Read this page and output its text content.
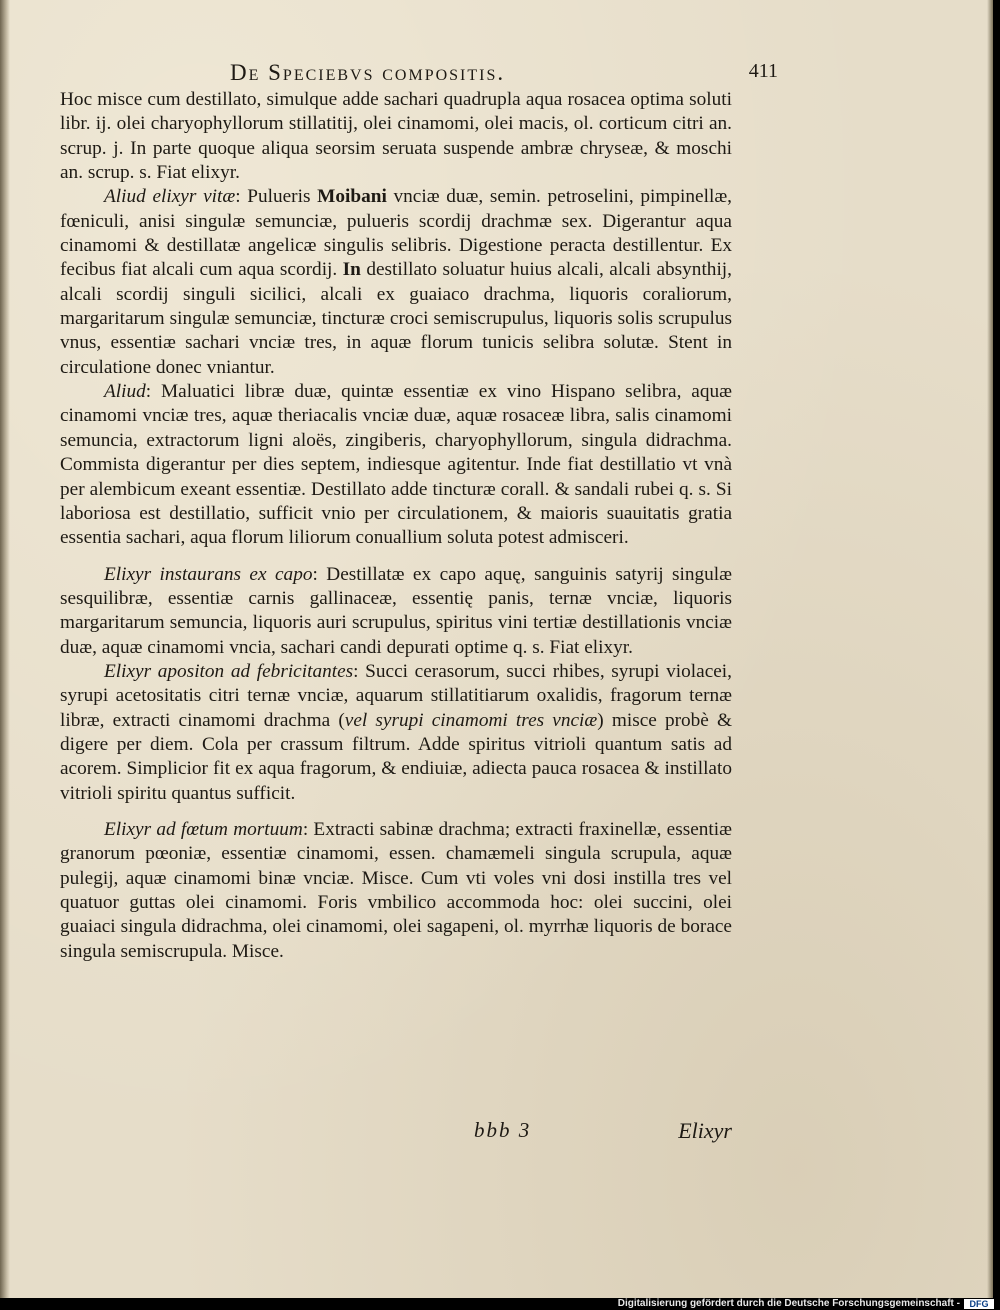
De Speciebvs compositis.	411

Hoc misce cum destillato, simulque adde sachari quadrupla aqua rosacea optima soluti libr. ij. olei charyophyllorum stillatitij, olei cinamomi, olei macis, ol. corticum citri an. scrup. j. In parte quoque aliqua seorsim seruata suspende ambræ chryseæ, & moschi an. scrup. s. Fiat elixyr.

Aliud elixyr vitæ: Pulueris Moibani vnciæ duæ, semin. petroselini, pimpinellæ, fœniculi, anisi singulæ semunciæ, pulueris scordij drachmæ sex. Digerantur aqua cinamomi & destillatæ angelicæ singulis selibris. Digestione peracta destillentur. Ex fecibus fiat alcali cum aqua scordij. In destillato soluatur huius alcali, alcali absynthij, alcali scordij singuli sicilici, alcali ex guaiaco drachma, liquoris coraliorum, margaritarum singulæ semunciæ, tincturæ croci semiscrupulus, liquoris solis scrupulus vnus, essentiæ sachari vnciæ tres, in aquæ florum tunicis selibra solutæ. Stent in circulatione donec vniantur.

Aliud: Maluatici libræ duæ, quintæ essentiæ ex vino Hispano selibra, aquæ cinamomi vnciæ tres, aquæ theriacalis vnciæ duæ, aquæ rosaceæ libra, salis cinamomi semuncia, extractorum ligni aloës, zingiberis, charyophyllorum, singula didrachma. Commista digerantur per dies septem, indiesque agitentur. Inde fiat destillatio vt vnà per alembicum exeant essentiæ. Destillato adde tincturæ corall. & sandali rubei q. s. Si laboriosa est destillatio, sufficit vnio per circulationem, & maioris suauitatis gratia essentia sachari, aqua florum liliorum conuallium soluta potest admisceri.

Elixyr instaurans ex capo: Destillatæ ex capo aquę, sanguinis satyrij singulæ sesquilibræ, essentiæ carnis gallinaceæ, essentię panis, ternæ vnciæ, liquoris margaritarum semuncia, liquoris auri scrupulus, spiritus vini tertiæ destillationis vnciæ duæ, aquæ cinamomi vncia, sachari candi depurati optime q. s. Fiat elixyr.

Elixyr apositon ad febricitantes: Succi cerasorum, succi rhibes, syrupi violacei, syrupi acetositatis citri ternæ vnciæ, aquarum stillatitiarum oxalidis, fragorum ternæ libræ, extracti cinamomi drachma (vel syrupi cinamomi tres vnciæ) misce probè & digere per diem. Cola per crassum filtrum. Adde spiritus vitrioli quantum satis ad acorem. Simplicior fit ex aqua fragorum, & endiuiæ, adiecta pauca rosacea & instillato vitrioli spiritu quantus sufficit.

Elixyr ad fœtum mortuum: Extracti sabinæ drachma; extracti fraxinellæ, essentiæ granorum pœoniæ, essentiæ cinamomi, essen. chamæmeli singula scrupula, aquæ pulegij, aquæ cinamomi binæ vnciæ. Misce. Cum vti voles vni dosi instilla tres vel quatuor guttas olei cinamomi. Foris vmbilico accommoda hoc: olei succini, olei guaiaci singula didrachma, olei cinamomi, olei sagapeni, ol. myrrhæ liquoris de borace singula semiscrupula. Misce.

bbb 3	Elixyr
Digitalisierung gefördert durch die Deutsche Forschungsgemeinschaft -	DFG
